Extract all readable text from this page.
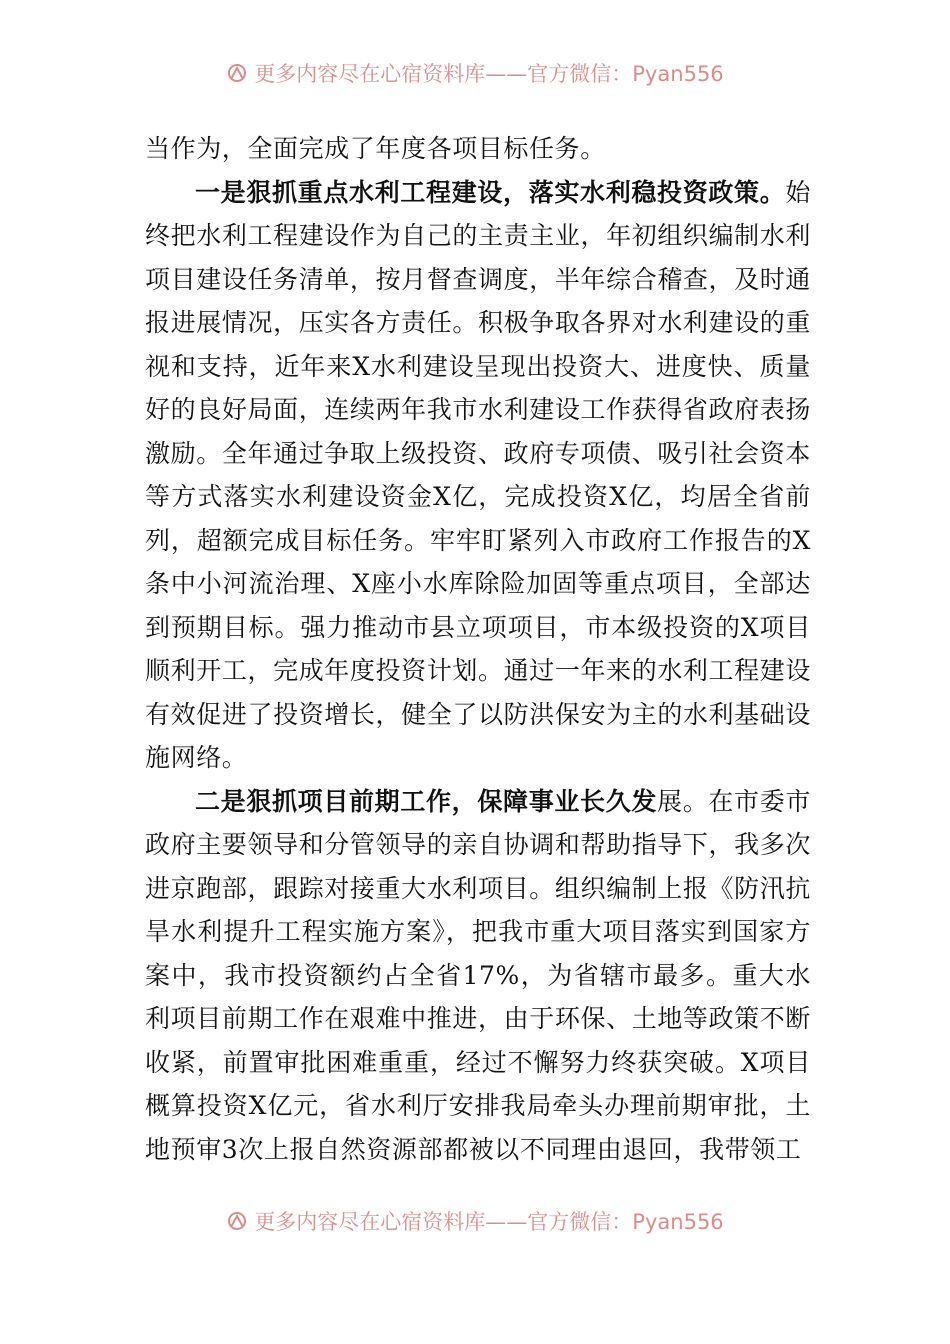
更多内容尽在心宿资料库——官方微信：Pyan556

当作为，全面完成了年度各项目标任务。

一是狠抓重点水利工程建设，落实水利稳投资政策。始终把水利工程建设作为自己的主责主业，年初组织编制水利项目建设任务清单，按月督查调度，半年综合稽查，及时通报进展情况，压实各方责任。积极争取各界对水利建设的重视和支持，近年来X水利建设呈现出投资大、进度快、质量好的良好局面，连续两年我市水利建设工作获得省政府表扬激励。全年通过争取上级投资、政府专项债、吸引社会资本等方式落实水利建设资金X亿，完成投资X亿，均居全省前列，超额完成目标任务。牢牢盯紧列入市政府工作报告的X条中小河流治理、X座小水库除险加固等重点项目，全部达到预期目标。强力推动市县立项项目，市本级投资的X项目顺利开工，完成年度投资计划。通过一年来的水利工程建设有效促进了投资增长，健全了以防洪保安为主的水利基础设施网络。

二是狠抓项目前期工作，保障事业长久发展。在市委市政府主要领导和分管领导的亲自协调和帮助指导下，我多次进京跑部，跟踪对接重大水利项目。组织编制上报《防汛抗旱水利提升工程实施方案》，把我市重大项目落实到国家方案中，我市投资额约占全省17%，为省辖市最多。重大水利项目前期工作在艰难中推进，由于环保、土地等政策不断收紧，前置审批困难重重，经过不懈努力终获突破。X项目概算投资X亿元，省水利厅安排我局牵头办理前期审批，土地预审3次上报自然资源部都被以不同理由退回，我带领工

更多内容尽在心宿资料库——官方微信：Pyan556
